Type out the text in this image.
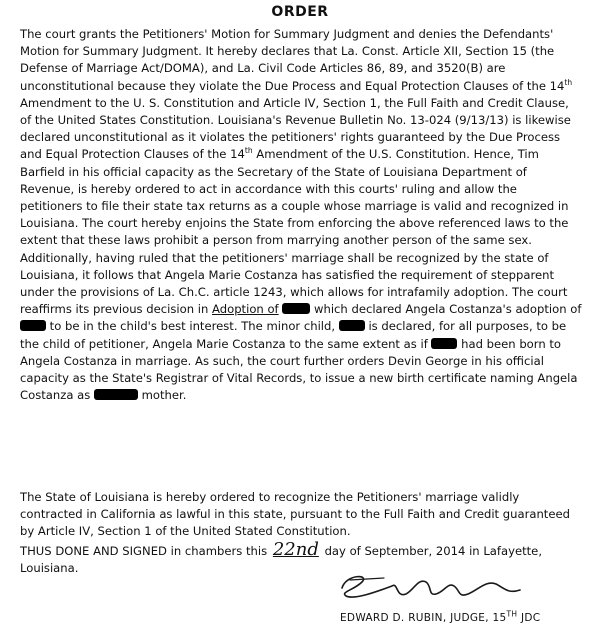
ORDER
The court grants the Petitioners' Motion for Summary Judgment and denies the Defendants' Motion for Summary Judgment. It hereby declares that La. Const. Article XII, Section 15 (the Defense of Marriage Act/DOMA), and La. Civil Code Articles 86, 89, and 3520(B) are unconstitutional because they violate the Due Process and Equal Protection Clauses of the 14th Amendment to the U. S. Constitution and Article IV, Section 1, the Full Faith and Credit Clause, of the United States Constitution. Louisiana's Revenue Bulletin No. 13-024 (9/13/13) is likewise declared unconstitutional as it violates the petitioners' rights guaranteed by the Due Process and Equal Protection Clauses of the 14th Amendment of the U.S. Constitution. Hence, Tim Barfield in his official capacity as the Secretary of the State of Louisiana Department of Revenue, is hereby ordered to act in accordance with this courts' ruling and allow the petitioners to file their state tax returns as a couple whose marriage is valid and recognized in Louisiana. The court hereby enjoins the State from enforcing the above referenced laws to the extent that these laws prohibit a person from marrying another person of the same sex. Additionally, having ruled that the petitioners' marriage shall be recognized by the state of Louisiana, it follows that Angela Marie Costanza has satisfied the requirement of stepparent under the provisions of La. Ch.C. article 1243, which allows for intrafamily adoption. The court reaffirms its previous decision in Adoption of	which declared Angela Costanza's adoption of  to be in the child's best interest. The minor child,  is declared, for all purposes, to be the child of petitioner, Angela Marie Costanza to the same extent as if  had been born to Angela Costanza in marriage. As such, the court further orders Devin George in his official capacity as the State's Registrar of Vital Records, to issue a new birth certificate naming Angela Costanza as	mother.
The State of Louisiana is hereby ordered to recognize the Petitioners' marriage validly contracted in California as lawful in this state, pursuant to the Full Faith and Credit guaranteed by Article IV, Section 1 of the United Stated Constitution.
THUS DONE AND SIGNED in chambers this 22nd day of September, 2014 in Lafayette, Louisiana.
EDWARD D. RUBIN, JUDGE, 15TH JDC
